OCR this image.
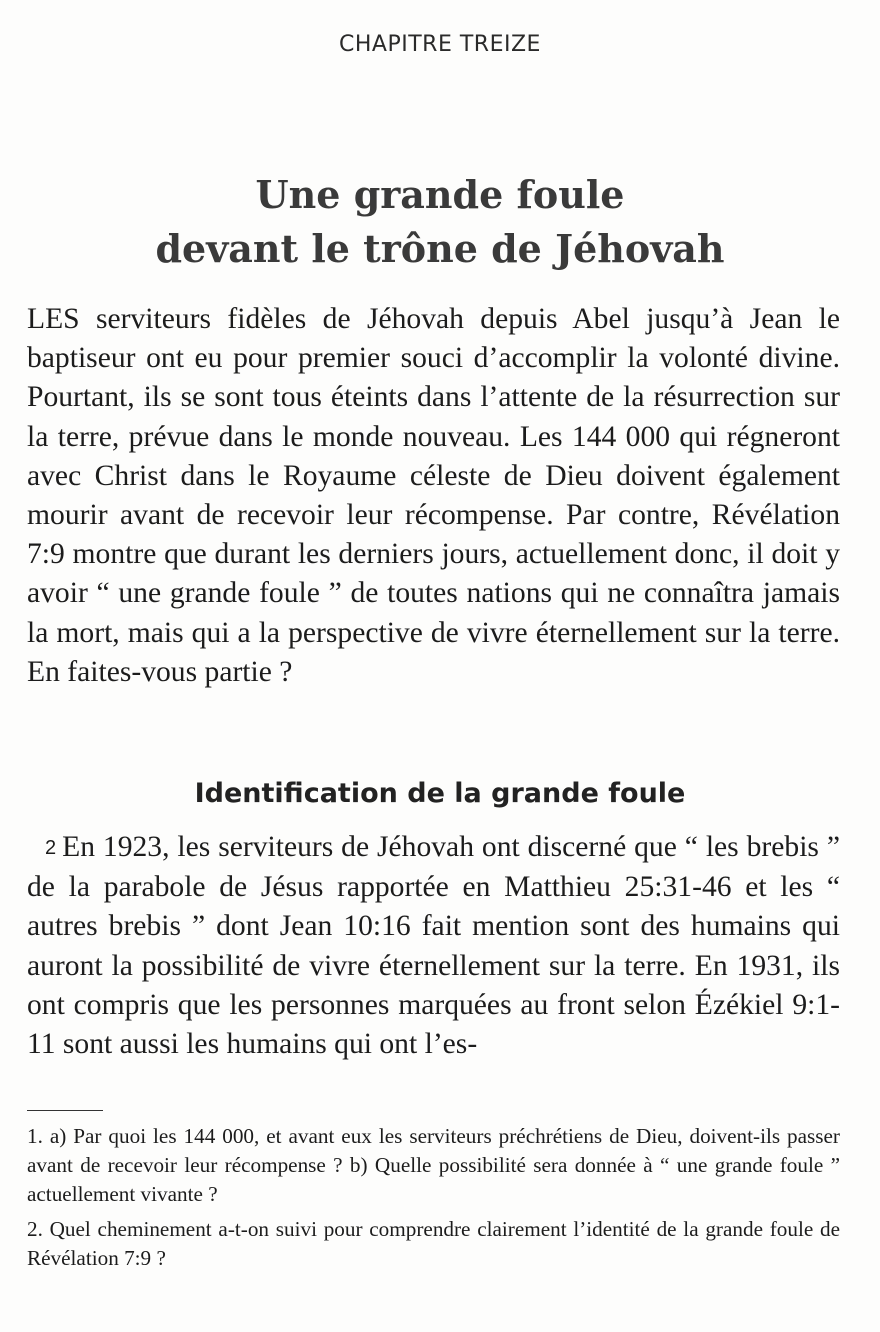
CHAPITRE TREIZE
Une grande foule
devant le trône de Jéhovah

LES serviteurs fidèles de Jéhovah depuis Abel jusqu’à Jean le baptiseur ont eu pour premier souci d’accomplir la volonté divine. Pourtant, ils se sont tous éteints dans l’attente de la résurrection sur la terre, prévue dans le monde nouveau. Les 144 000 qui régneront avec Christ dans le Royaume céleste de Dieu doivent également mourir avant de recevoir leur récompense. Par contre, Révélation 7:9 montre que durant les derniers jours, actuellement donc, il doit y avoir “ une grande foule ” de toutes nations qui ne connaîtra jamais la mort, mais qui a la perspective de vivre éternellement sur la terre. En faites-vous partie ?

Identification de la grande foule

2 En 1923, les serviteurs de Jéhovah ont discerné que “ les brebis ” de la parabole de Jésus rapportée en Matthieu 25:31-46 et les “ autres brebis ” dont Jean 10:16 fait mention sont des humains qui auront la possibilité de vivre éternellement sur la terre. En 1931, ils ont compris que les personnes marquées au front selon Ézékiel 9:1-11 sont aussi les humains qui ont l’es-

1. a) Par quoi les 144 000, et avant eux les serviteurs préchrétiens de Dieu, doivent-ils passer avant de recevoir leur récompense ? b) Quelle possibilité sera donnée à “ une grande foule ” actuellement vivante ?

2. Quel cheminement a-t-on suivi pour comprendre clairement l’identité de la grande foule de Révélation 7:9 ?
